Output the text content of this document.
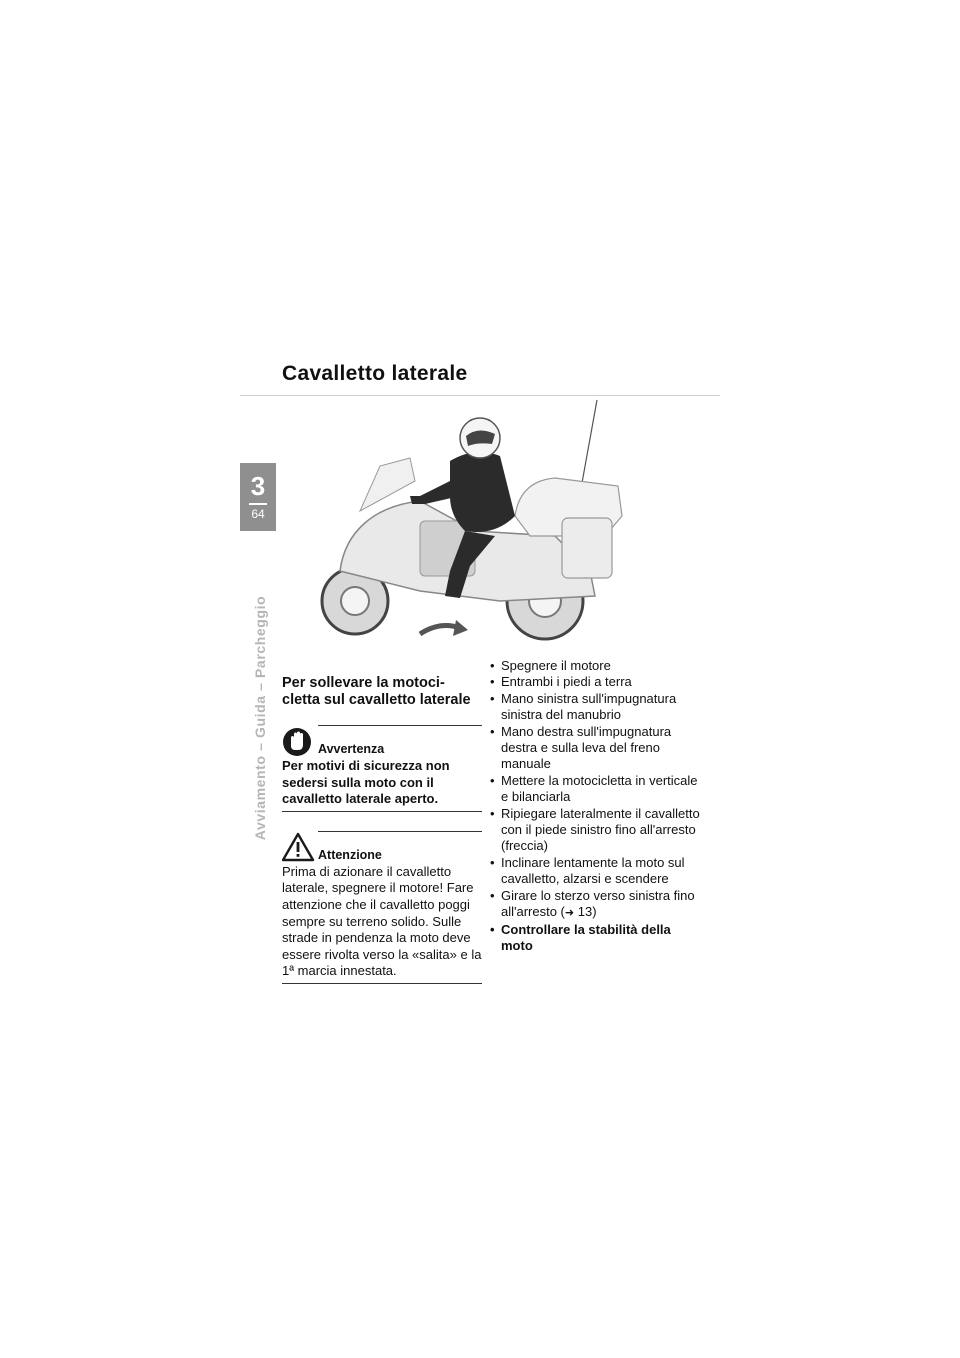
Cavalletto laterale
3
64
Avviamento – Guida – Parcheggio Per sollevare la motoci-
cletta sul cavalletto laterale
Avvertenza

Per motivi di sicurezza non sedersi sulla moto con il cavalletto laterale aperto.

Attenzione

Prima di azionare il cavalletto laterale, spegnere il motore! Fare attenzione che il cavalletto poggi sempre su terreno solido. Sulle strade in pendenza la moto deve essere rivolta verso la «salita» e la 1ª marcia innestata.

• Spegnere il motore
• Entrambi i piedi a terra
• Mano sinistra sull'impugnatura sinistra del manubrio
• Mano destra sull'impugnatura destra e sulla leva del freno manuale
• Mettere la motocicletta in verticale e bilanciarla
• Ripiegare lateralmente il cavalletto con il piede sinistro fino all'arresto (freccia)
• Inclinare lentamente la moto sul cavalletto, alzarsi e scendere
• Girare lo sterzo verso sinistra fino all'arresto (➜ 13)
• Controllare la stabilità della moto
